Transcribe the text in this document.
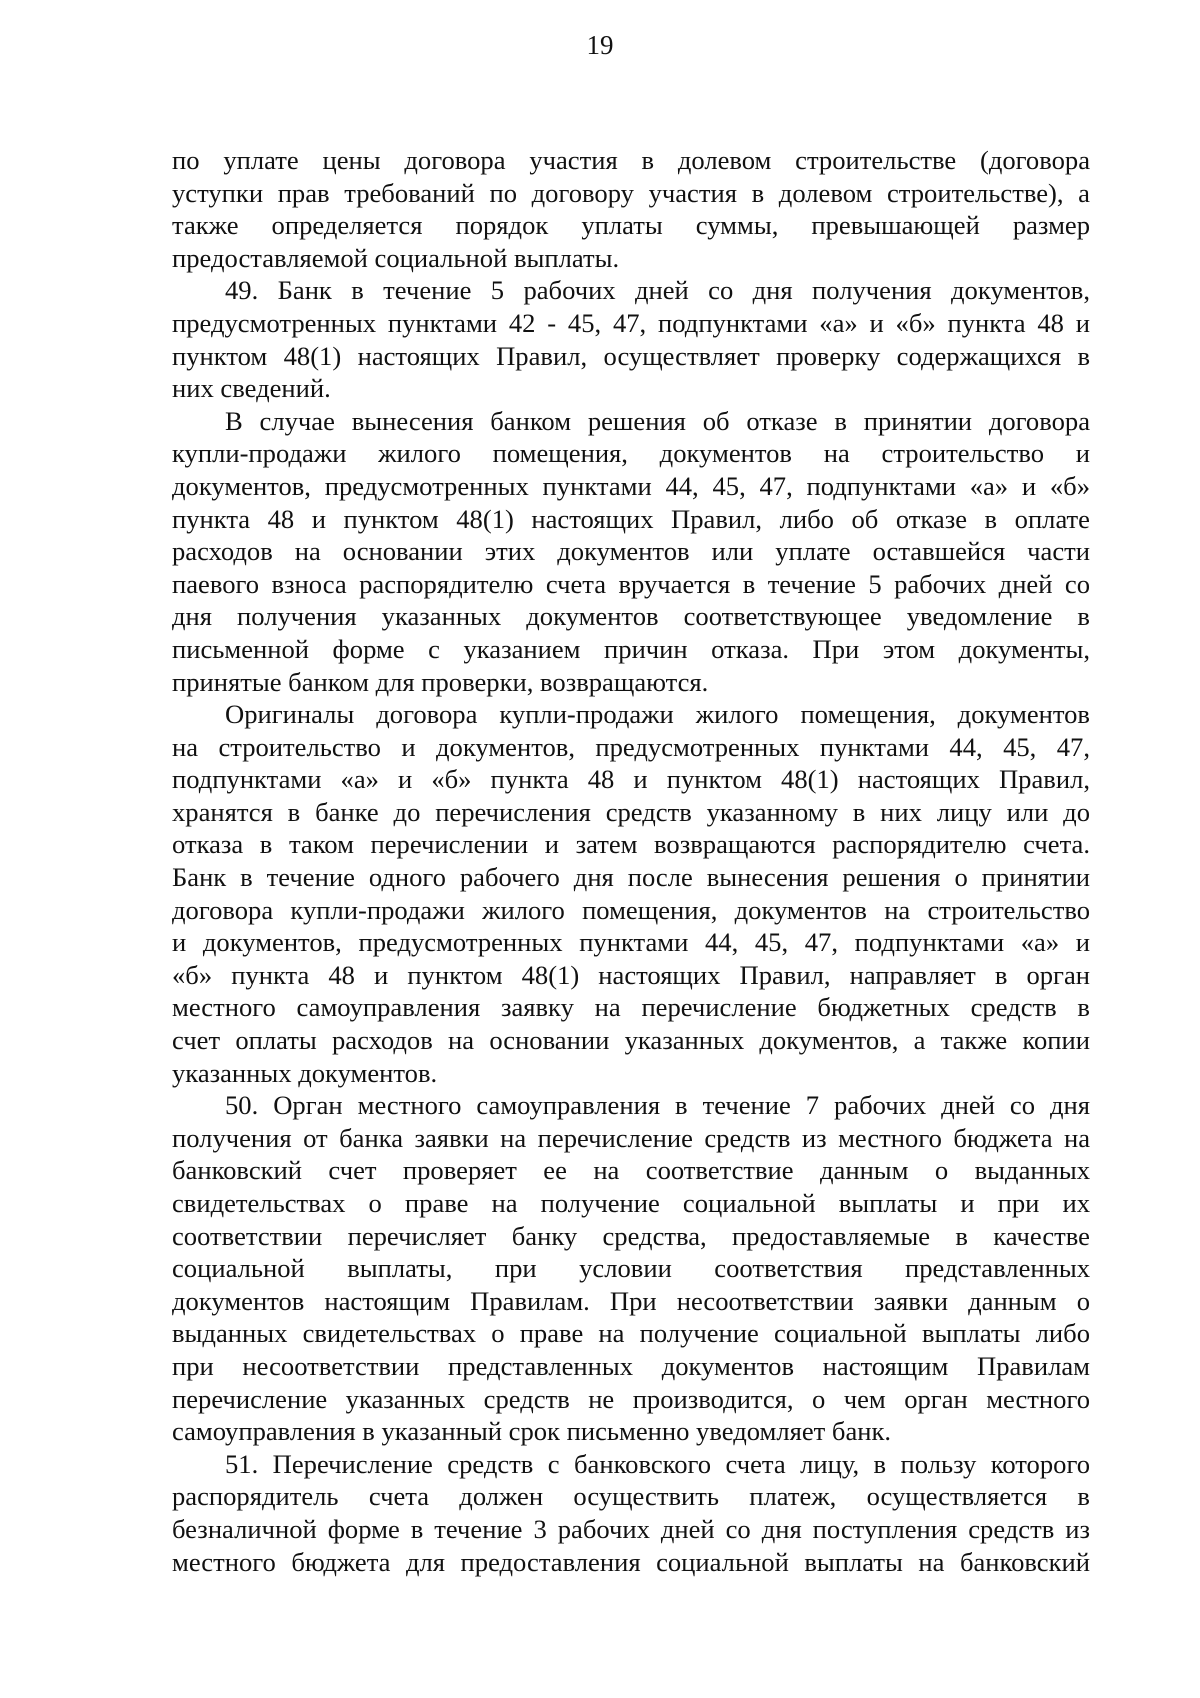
19
по уплате цены договора участия в долевом строительстве (договора
уступки прав требований по договору участия в долевом строительстве), а
также определяется порядок уплаты суммы, превышающей размер
предоставляемой социальной выплаты.
49. Банк в течение 5 рабочих дней со дня получения документов,
предусмотренных пунктами 42 - 45, 47, подпунктами «а» и «б» пункта 48 и
пунктом 48(1) настоящих Правил, осуществляет проверку содержащихся в
них сведений.
В случае вынесения банком решения об отказе в принятии договора
купли-продажи жилого помещения, документов на строительство и
документов, предусмотренных пунктами 44, 45, 47, подпунктами «а» и «б»
пункта 48 и пунктом 48(1) настоящих Правил, либо об отказе в оплате
расходов на основании этих документов или уплате оставшейся части
паевого взноса распорядителю счета вручается в течение 5 рабочих дней со
дня получения указанных документов соответствующее уведомление в
письменной форме с указанием причин отказа. При этом документы,
принятые банком для проверки, возвращаются.
Оригиналы договора купли-продажи жилого помещения, документов
на строительство и документов, предусмотренных пунктами 44, 45, 47,
подпунктами «а» и «б» пункта 48 и пунктом 48(1) настоящих Правил,
хранятся в банке до перечисления средств указанному в них лицу или до
отказа в таком перечислении и затем возвращаются распорядителю счета.
Банк в течение одного рабочего дня после вынесения решения о принятии
договора купли-продажи жилого помещения, документов на строительство
и документов, предусмотренных пунктами 44, 45, 47, подпунктами «а» и
«б» пункта 48 и пунктом 48(1) настоящих Правил, направляет в орган
местного самоуправления заявку на перечисление бюджетных средств в
счет оплаты расходов на основании указанных документов, а также копии
указанных документов.
50. Орган местного самоуправления в течение 7 рабочих дней со дня
получения от банка заявки на перечисление средств из местного бюджета на
банковский счет проверяет ее на соответствие данным о выданных
свидетельствах о праве на получение социальной выплаты и при их
соответствии перечисляет банку средства, предоставляемые в качестве
социальной выплаты, при условии соответствия представленных
документов настоящим Правилам. При несоответствии заявки данным о
выданных свидетельствах о праве на получение социальной выплаты либо
при несоответствии представленных документов настоящим Правилам
перечисление указанных средств не производится, о чем орган местного
самоуправления в указанный срок письменно уведомляет банк.
51. Перечисление средств с банковского счета лицу, в пользу которого
распорядитель счета должен осуществить платеж, осуществляется в
безналичной форме в течение 3 рабочих дней со дня поступления средств из
местного бюджета для предоставления социальной выплаты на банковский
